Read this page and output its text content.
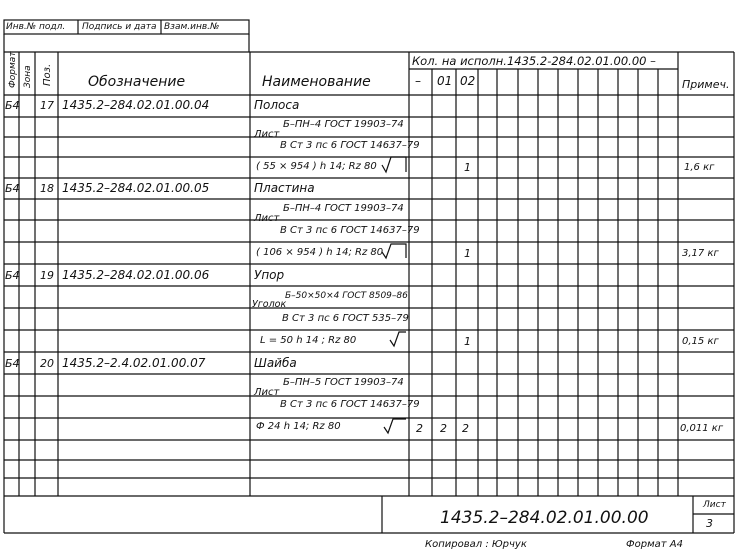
Формат Зона Поз.
Инв.№ подл. Подпись и дата Взам.инв.№
Обозначение	Наименование
Кол. на исполн.1435.2-284.02.01.00.00 –
– 01 02	Примеч.
Б4 17 1435.2–284.02.01.00.04	Полоса
Лист
Б–ПН–4 ГОСТ 19903–74
В Ст 3 пс 6 ГОСТ 14637–79
( 55 × 954 ) h 14; Rz 80	1	1,6 кг
Б4 18 1435.2–284.02.01.00.05	Пластина
Лист
Б–ПН–4 ГОСТ 19903–74
В Ст 3 пс 6 ГОСТ 14637–79
( 106 × 954 ) h 14; Rz 80	1	3,17 кг
Б4 19 1435.2–284.02.01.00.06	Упор
Уголок
Б–50×50×4 ГОСТ 8509–86
В Ст 3 пс 6 ГОСТ 535–79
L = 50 h 14 ; Rz 80	1	0,15 кг
Б4 20 1435.2–2.4.02.01.00.07	Шайба
Лист
Б–ПН–5 ГОСТ 19903–74
В Ст 3 пс 6 ГОСТ 14637–79
Ф 24 h 14; Rz 80	2 2 2	0,011 кг
1435.2–284.02.01.00.00
Лист
3
Копировал : Юрчук	Формат А4
